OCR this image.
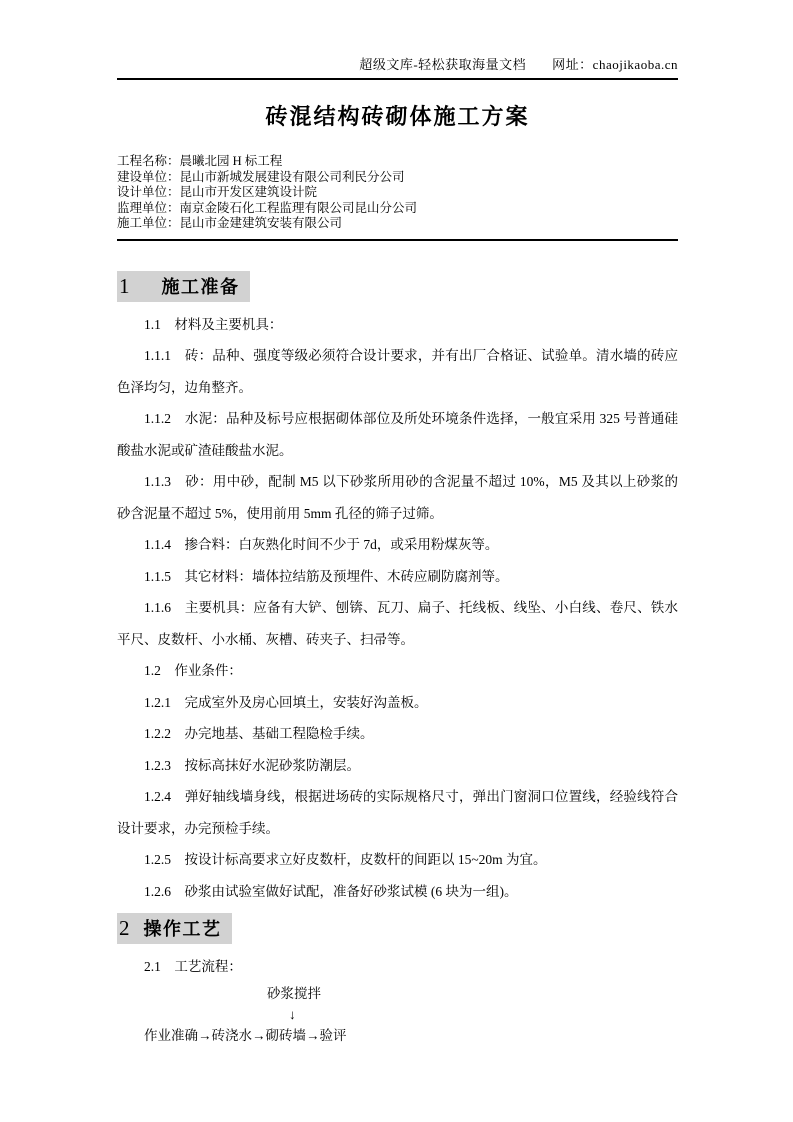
超级文库-轻松获取海量文档 网址：chaojikaoba.cn
砖混结构砖砌体施工方案
工程名称：晨曦北园 H 标工程
建设单位：昆山市新城发展建设有限公司利民分公司
设计单位：昆山市开发区建筑设计院
监理单位：南京金陵石化工程监理有限公司昆山分公司
施工单位：昆山市金建建筑安装有限公司
1 施工准备

1.1　材料及主要机具：

1.1.1　砖：品种、强度等级必须符合设计要求，并有出厂合格证、试验单。清水墙的砖应色泽均匀，边角整齐。

1.1.2　水泥：品种及标号应根据砌体部位及所处环境条件选择，一般宜采用 325 号普通硅酸盐水泥或矿渣硅酸盐水泥。

1.1.3　砂：用中砂，配制 M5 以下砂浆所用砂的含泥量不超过 10%，M5 及其以上砂浆的砂含泥量不超过 5%，使用前用 5mm 孔径的筛子过筛。

1.1.4　掺合料：白灰熟化时间不少于 7d，或采用粉煤灰等。

1.1.5　其它材料：墙体拉结筋及预埋件、木砖应刷防腐剂等。

1.1.6　主要机具：应备有大铲、刨锛、瓦刀、扁子、托线板、线坠、小白线、卷尺、铁水平尺、皮数杆、小水桶、灰槽、砖夹子、扫帚等。

1.2　作业条件：

1.2.1　完成室外及房心回填土，安装好沟盖板。

1.2.2　办完地基、基础工程隐检手续。

1.2.3　按标高抹好水泥砂浆防潮层。

1.2.4　弹好轴线墙身线，根据进场砖的实际规格尺寸，弹出门窗洞口位置线，经验线符合设计要求，办完预检手续。

1.2.5　按设计标高要求立好皮数杆，皮数杆的间距以 15~20m 为宜。

1.2.6　砂浆由试验室做好试配，准备好砂浆试模 (6 块为一组)。

2 操作工艺

2.1　工艺流程：

砂浆搅拌
↓
作业准确→砖浇水→砌砖墙→验评
